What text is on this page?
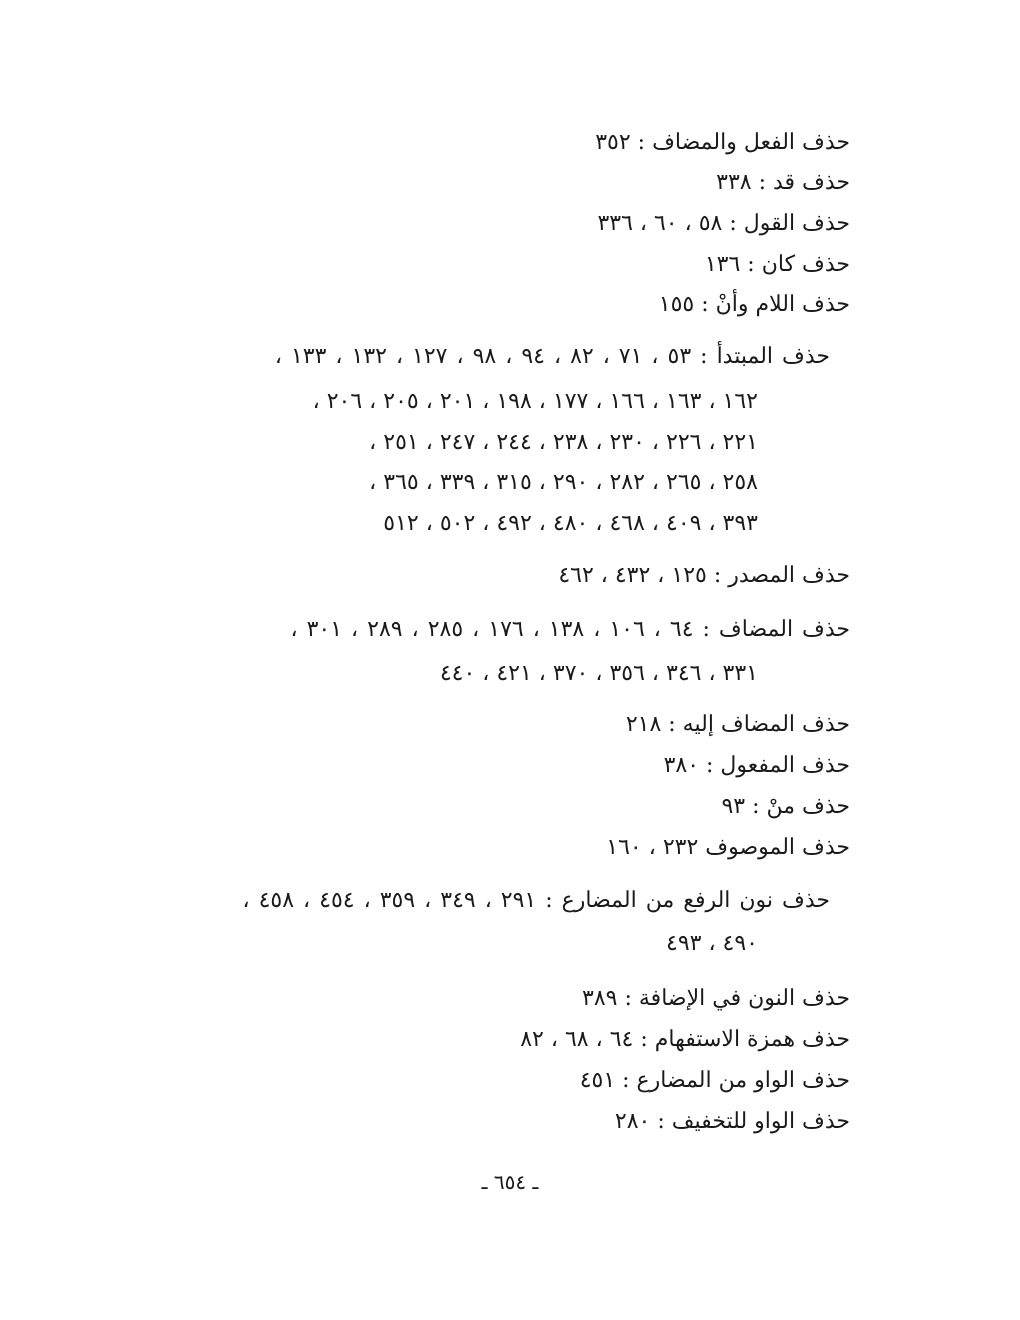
حذف الفعل والمضاف : ٣٥٢
حذف قد : ٣٣٨
حذف القول : ٥٨ ، ٦٠ ، ٣٣٦
حذف كان : ١٣٦
حذف اللام وأنْ : ١٥٥
حذف المبتدأ : ٥٣ ، ٧١ ، ٨٢ ، ٩٤ ، ٩٨ ، ١٢٧ ، ١٣٢ ، ١٣٣ ،
١٦٢ ، ١٦٣ ، ١٦٦ ، ١٧٧ ، ١٩٨ ، ٢٠١ ، ٢٠٥ ، ٢٠٦ ،
٢٢١ ، ٢٢٦ ، ٢٣٠ ، ٢٣٨ ، ٢٤٤ ، ٢٤٧ ، ٢٥١ ،
٢٥٨ ، ٢٦٥ ، ٢٨٢ ، ٢٩٠ ، ٣١٥ ، ٣٣٩ ، ٣٦٥ ،
٣٩٣ ، ٤٠٩ ، ٤٦٨ ، ٤٨٠ ، ٤٩٢ ، ٥٠٢ ، ٥١٢
حذف المصدر : ١٢٥ ، ٤٣٢ ، ٤٦٢
حذف المضاف : ٦٤ ، ١٠٦ ، ١٣٨ ، ١٧٦ ، ٢٨٥ ، ٢٨٩ ، ٣٠١ ،
٣٣١ ، ٣٤٦ ، ٣٥٦ ، ٣٧٠ ، ٤٢١ ، ٤٤٠
حذف المضاف إليه : ٢١٨
حذف المفعول : ٣٨٠
حذف منْ : ٩٣
حذف الموصوف ٢٣٢ ، ١٦٠
حذف نون الرفع من المضارع : ٢٩١ ، ٣٤٩ ، ٣٥٩ ، ٤٥٤ ، ٤٥٨ ،
٤٩٠ ، ٤٩٣
حذف النون في الإضافة : ٣٨٩
حذف همزة الاستفهام : ٦٤ ، ٦٨ ، ٨٢
حذف الواو من المضارع : ٤٥١
حذف الواو للتخفيف : ٢٨٠
ـ ٦٥٤ ـ
